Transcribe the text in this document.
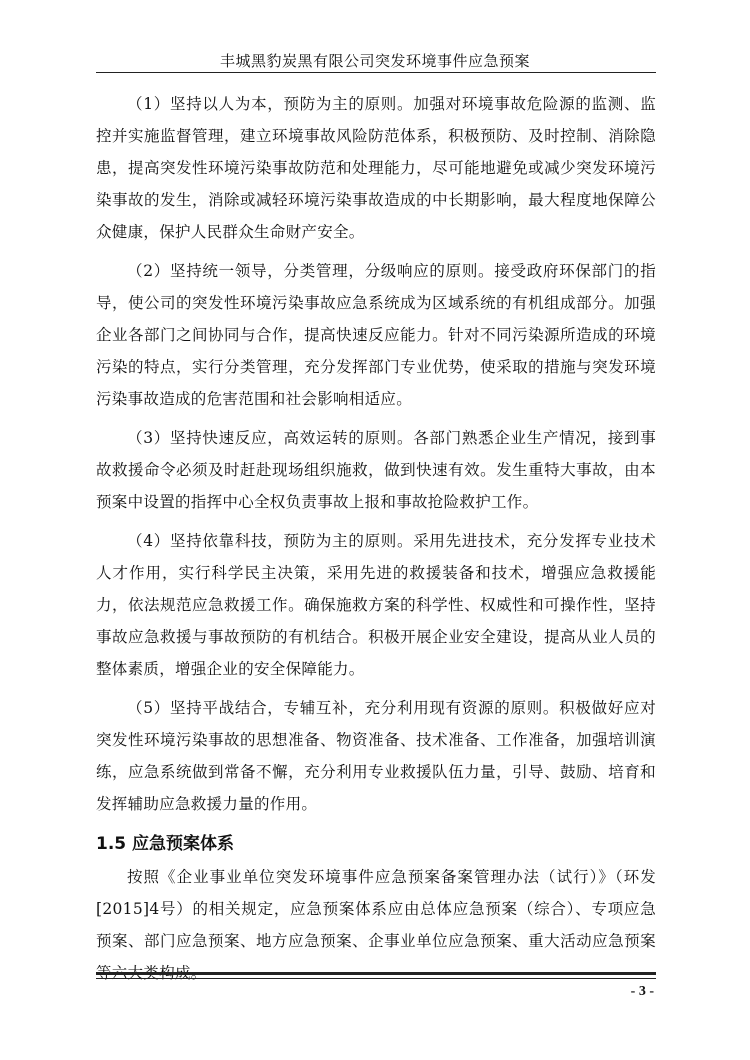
丰城黑豹炭黑有限公司突发环境事件应急预案

（1）坚持以人为本，预防为主的原则。加强对环境事故危险源的监测、监控并实施监督管理，建立环境事故风险防范体系，积极预防、及时控制、消除隐患，提高突发性环境污染事故防范和处理能力，尽可能地避免或减少突发环境污染事故的发生，消除或减轻环境污染事故造成的中长期影响，最大程度地保障公众健康，保护人民群众生命财产安全。

（2）坚持统一领导，分类管理，分级响应的原则。接受政府环保部门的指导，使公司的突发性环境污染事故应急系统成为区域系统的有机组成部分。加强企业各部门之间协同与合作，提高快速反应能力。针对不同污染源所造成的环境污染的特点，实行分类管理，充分发挥部门专业优势，使采取的措施与突发环境污染事故造成的危害范围和社会影响相适应。

（3）坚持快速反应，高效运转的原则。各部门熟悉企业生产情况，接到事故救援命令必须及时赶赴现场组织施救，做到快速有效。发生重特大事故，由本预案中设置的指挥中心全权负责事故上报和事故抢险救护工作。

（4）坚持依靠科技，预防为主的原则。采用先进技术，充分发挥专业技术人才作用，实行科学民主决策，采用先进的救援装备和技术，增强应急救援能力，依法规范应急救援工作。确保施救方案的科学性、权威性和可操作性，坚持事故应急救援与事故预防的有机结合。积极开展企业安全建设，提高从业人员的整体素质，增强企业的安全保障能力。

（5）坚持平战结合，专辅互补，充分利用现有资源的原则。积极做好应对突发性环境污染事故的思想准备、物资准备、技术准备、工作准备，加强培训演练，应急系统做到常备不懈，充分利用专业救援队伍力量，引导、鼓励、培育和发挥辅助应急救援力量的作用。

1.5 应急预案体系

按照《企业事业单位突发环境事件应急预案备案管理办法（试行）》（环发[2015]4号）的相关规定，应急预案体系应由总体应急预案（综合）、专项应急预案、部门应急预案、地方应急预案、企事业单位应急预案、重大活动应急预案等六大类构成。

- 3 -
